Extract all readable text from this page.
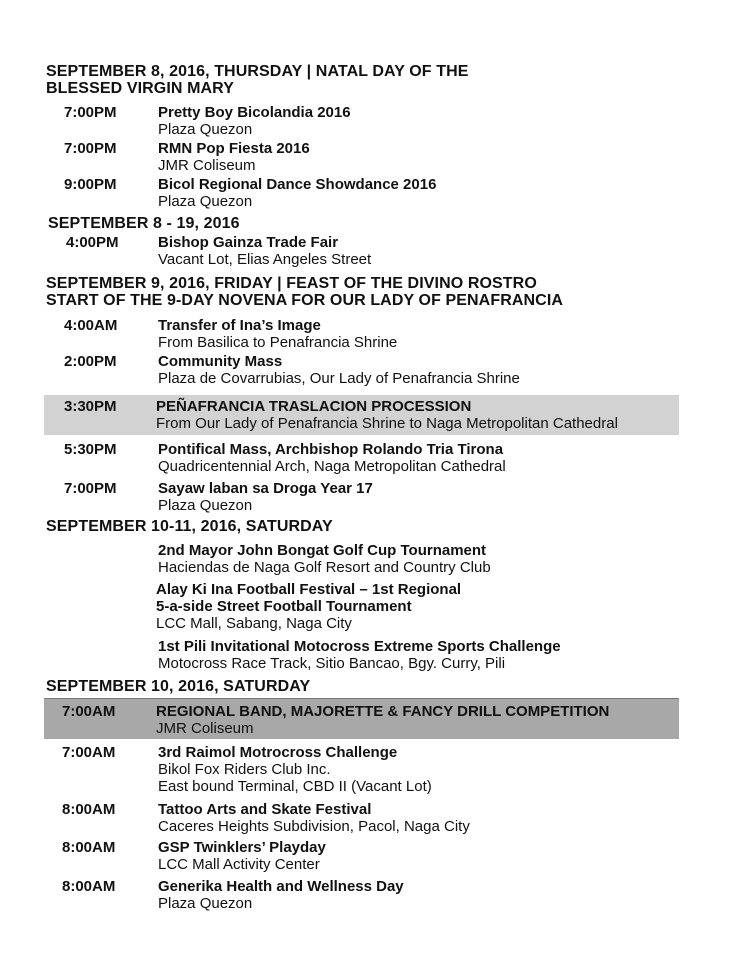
SEPTEMBER 8, 2016, THURSDAY | NATAL DAY OF THE
BLESSED VIRGIN MARY
7:00PM	Pretty Boy Bicolandia 2016
Plaza Quezon
7:00PM	RMN Pop Fiesta 2016
JMR Coliseum
9:00PM	Bicol Regional Dance Showdance 2016
Plaza Quezon
SEPTEMBER 8 - 19, 2016
4:00PM	Bishop Gainza Trade Fair
Vacant Lot, Elias Angeles Street
SEPTEMBER 9, 2016, FRIDAY | FEAST OF THE DIVINO ROSTRO
START OF THE 9-DAY NOVENA FOR OUR LADY OF PENAFRANCIA
4:00AM	Transfer of Ina’s Image
From Basilica to Penafrancia Shrine
2:00PM	Community Mass
Plaza de Covarrubias, Our Lady of Penafrancia Shrine
3:30PM	PEÑAFRANCIA TRASLACION PROCESSION
From Our Lady of Penafrancia Shrine to Naga Metropolitan Cathedral
5:30PM	Pontifical Mass, Archbishop Rolando Tria Tirona
Quadricentennial Arch, Naga Metropolitan Cathedral
7:00PM	Sayaw laban sa Droga Year 17
Plaza Quezon
SEPTEMBER 10-11, 2016, SATURDAY
2nd Mayor John Bongat Golf Cup Tournament
Haciendas de Naga Golf Resort and Country Club
Alay Ki Ina Football Festival – 1st Regional
5-a-side Street Football Tournament
LCC Mall, Sabang, Naga City
1st Pili Invitational Motocross Extreme Sports Challenge
Motocross Race Track, Sitio Bancao, Bgy. Curry, Pili
SEPTEMBER 10, 2016, SATURDAY
7:00AM	REGIONAL BAND, MAJORETTE & FANCY DRILL COMPETITION
JMR Coliseum
7:00AM	3rd Raimol Motrocross Challenge
Bikol Fox Riders Club Inc.
East bound Terminal, CBD II (Vacant Lot)
8:00AM	Tattoo Arts and Skate Festival
Caceres Heights Subdivision, Pacol, Naga City
8:00AM	GSP Twinklers’ Playday
LCC Mall Activity Center
8:00AM	Generika Health and Wellness Day
Plaza Quezon
